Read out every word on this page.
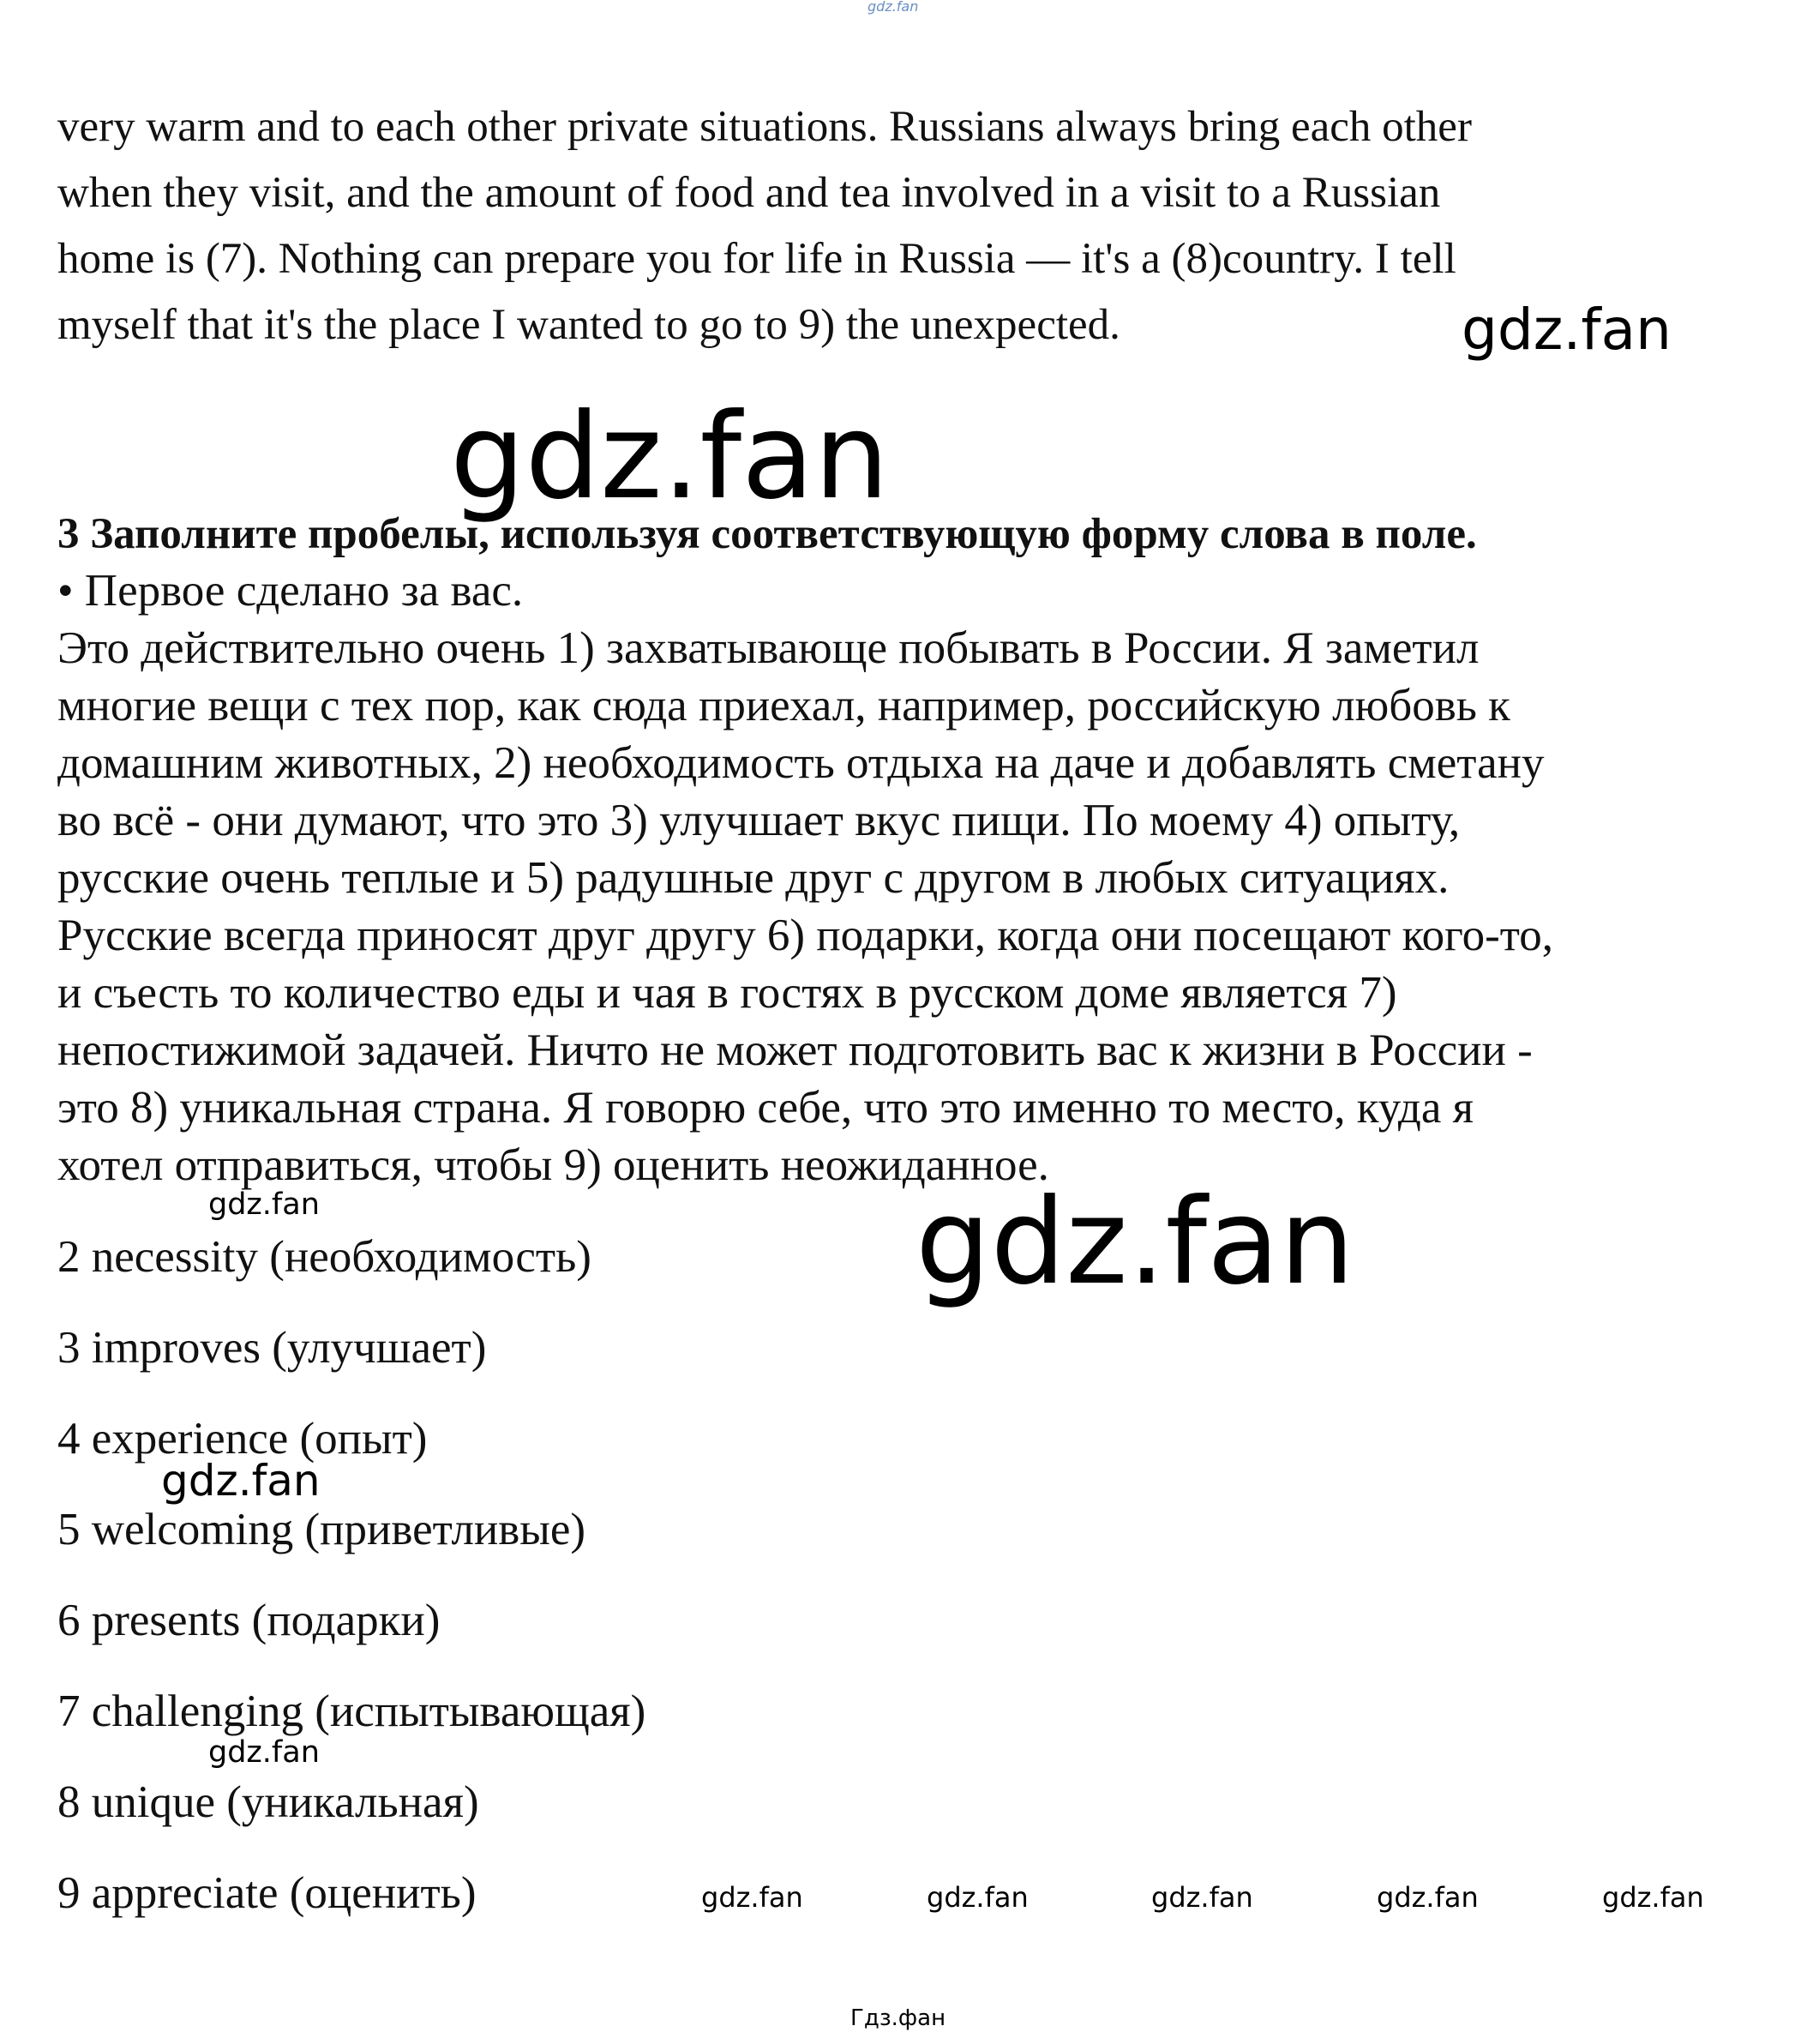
gdz.fan
very warm and to each other private situations. Russians always bring each other
when they visit, and the amount of food and tea involved in a visit to a Russian
home is (7). Nothing can prepare you for life in Russia — it's a (8)country. I tell
myself that it's the place I wanted to go to 9) the unexpected.	gdz.fan
gdz.fan
3 Заполните пробелы, используя соответствующую форму слова в поле.
• Первое сделано за вас.
Это действительно очень 1) захватывающе побывать в России. Я заметил
многие вещи с тех пор, как сюда приехал, например, российскую любовь к
домашним животных, 2) необходимость отдыха на даче и добавлять сметану
во всё - они думают, что это 3) улучшает вкус пищи. По моему 4) опыту,
русские очень теплые и 5) радушные друг с другом в любых ситуациях.
Русские всегда приносят друг другу 6) подарки, когда они посещают кого-то,
и съесть то количество еды и чая в гостях в русском доме является 7)
непостижимой задачей. Ничто не может подготовить вас к жизни в России -
это 8) уникальная страна. Я говорю себе, что это именно то место, куда я
хотел отправиться, чтобы 9) оценить неожиданное.
gdz.fan	gdz.fan
2 necessity (необходимость)
3 improves (улучшает)
4 experience (опыт)
5 welcoming (приветливые)
6 presents (подарки)
7 challenging (испытывающая)
8 unique (уникальная)
9 appreciate (оценить)
gdz.fan
gdz.fan
gdz.fan	gdz.fan	gdz.fan	gdz.fan	gdz.fan
Гдз.фан
